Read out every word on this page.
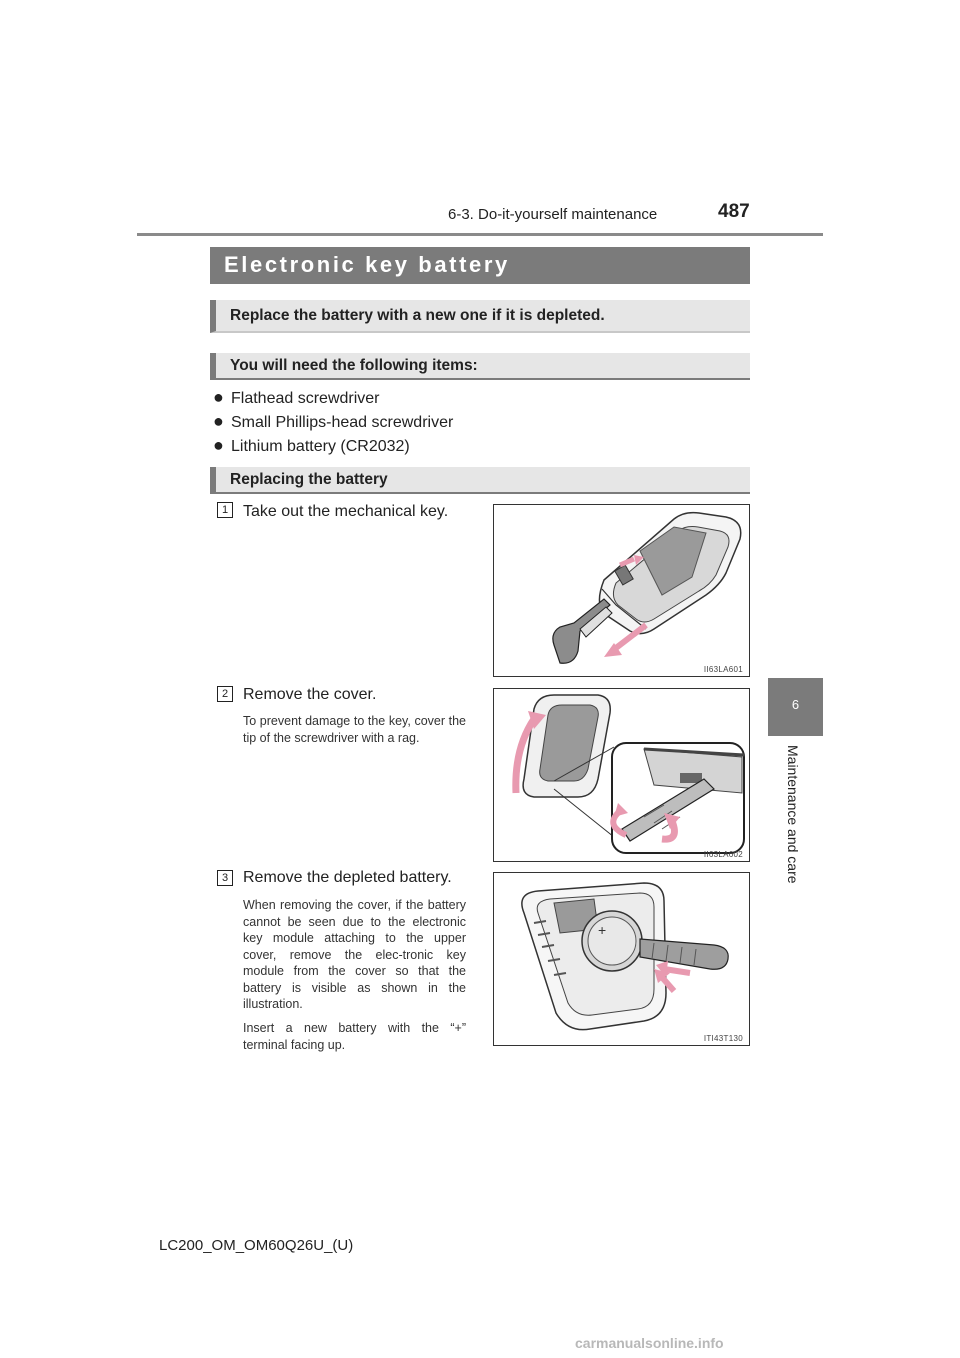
6-3. Do-it-yourself maintenance	487
6
Maintenance and care
Electronic key battery
Replace the battery with a new one if it is depleted.
You will need the following items:
● Flathead screwdriver
● Small Phillips-head screwdriver
● Lithium battery (CR2032)
Replacing the battery
1 Take out the mechanical key.
II63LA601
2 Remove the cover.
To prevent damage to the key, cover the tip of the screwdriver with a rag.
II63LA602
3 Remove the depleted battery.
When removing the cover, if the battery cannot be seen due to the electronic key module attaching to the upper cover, remove the elec-tronic key module from the cover so that the battery is visible as shown in the illustration.
Insert a new battery with the “+” terminal facing up.
+
ITI43T130
LC200_OM_OM60Q26U_(U)
carmanualsonline.info
